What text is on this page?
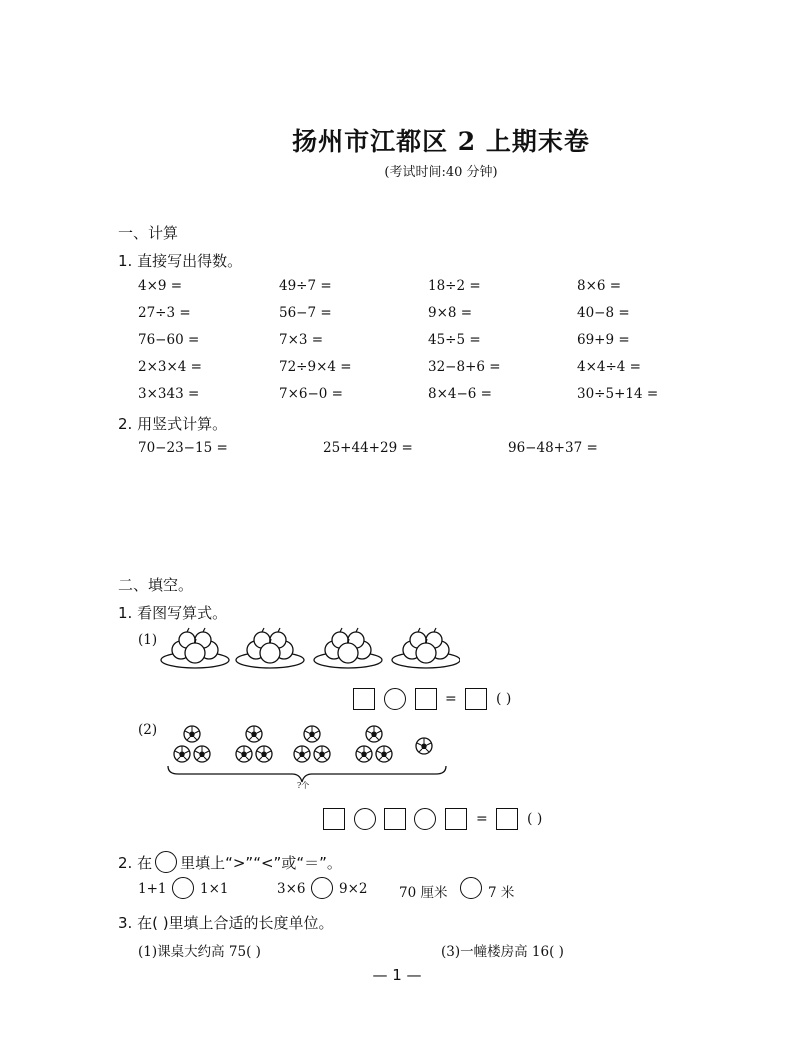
扬州市江都区 2 上期末卷
(考试时间:40 分钟)
一、计算
1. 直接写出得数。
4×9 =	49÷7 =	18÷2 =	8×6 =
27÷3 =	56−7 =	9×8 =	40−8 =
76−60 =	7×3 =	45÷5 =	69+9 =
2×3×4 =	72÷9×4 =	32−8+6 =	4×4÷4 =
3×343 =	7×6−0 =	8×4−6 =	30÷5+14 =
2. 用竖式计算。
70−23−15 =	25+44+29 =	96−48+37 =
二、填空。
1. 看图写算式。
(1)
=	( )
(2)
?个
=	( )
2. 在 里填上“>”“<”或“＝”。
1+1 1×1	3×6 9×2 70 厘米	7 米
3. 在( )里填上合适的长度单位。
(1)课桌大约高 75( )	(3)一幢楼房高 16( )
— 1 —
